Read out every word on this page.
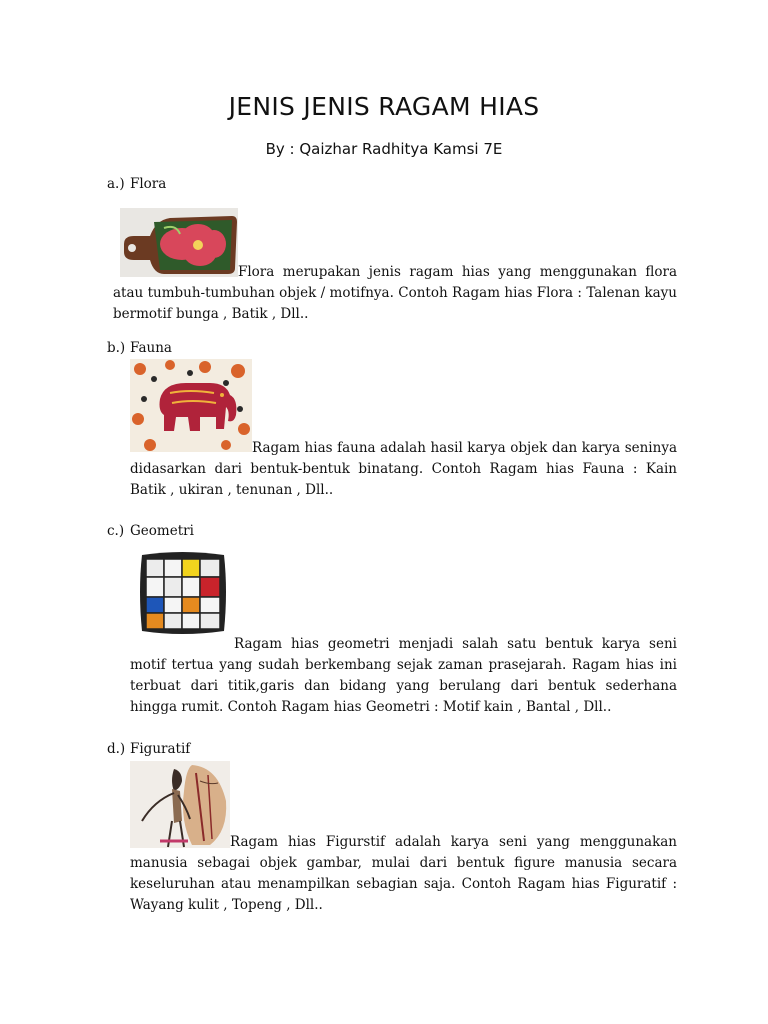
JENIS JENIS RAGAM HIAS
By : Qaizhar Radhitya Kamsi 7E
a.) Flora

Flora merupakan jenis ragam hias yang menggunakan flora atau tumbuh-tumbuhan objek / motifnya. Contoh Ragam hias Flora : Talenan kayu bermotif bunga , Batik , Dll..

b.) Fauna

Ragam hias fauna adalah hasil karya objek dan karya seninya didasarkan dari bentuk-bentuk binatang. Contoh Ragam hias Fauna : Kain Batik , ukiran , tenunan , Dll..

c.) Geometri

Ragam hias geometri menjadi salah satu bentuk karya seni motif tertua yang sudah berkembang sejak zaman prasejarah. Ragam hias ini terbuat dari titik,garis dan bidang yang berulang dari bentuk sederhana hingga rumit. Contoh Ragam hias Geometri : Motif kain , Bantal , Dll..

d.) Figuratif

Ragam hias Figurstif adalah karya seni yang menggunakan manusia sebagai objek gambar, mulai dari bentuk figure manusia secara keseluruhan atau menampilkan sebagian saja. Contoh Ragam hias Figuratif : Wayang kulit , Topeng , Dll..
